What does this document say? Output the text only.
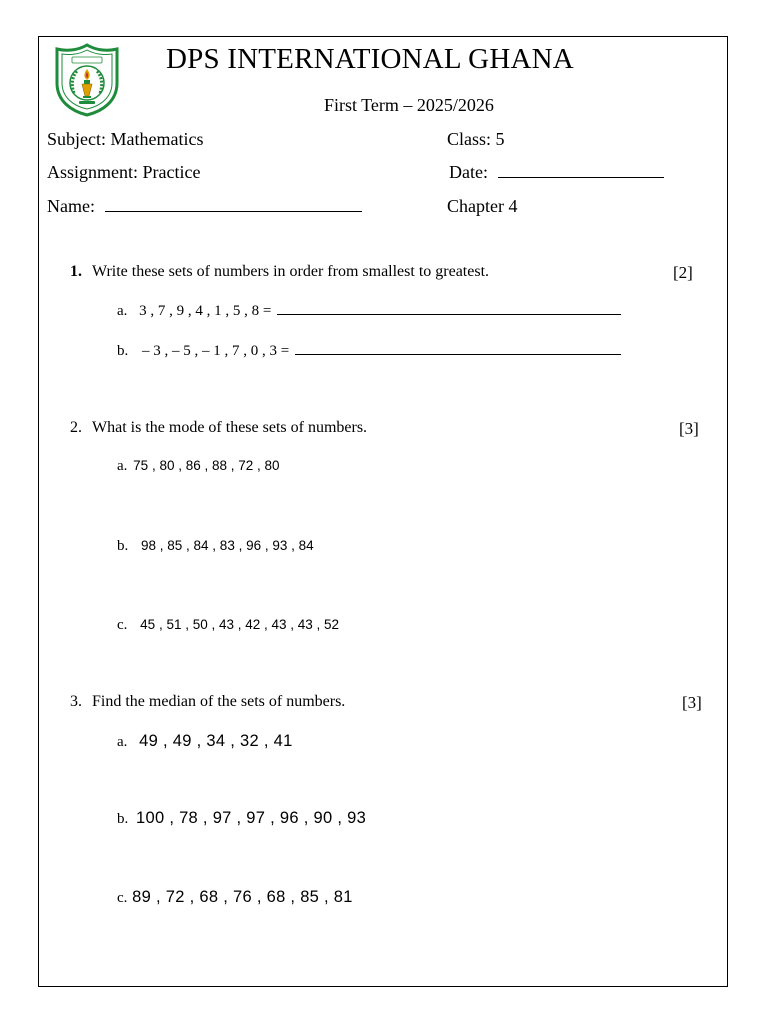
DPS INTERNATIONAL GHANA
First Term – 2025/2026
Subject: Mathematics	Class: 5
Assignment: Practice	Date:
Name:	Chapter 4
1. Write these sets of numbers in order from smallest to greatest.	[2]
a. 3 , 7 , 9 , 4 , 1 , 5 , 8 =
b. – 3 , – 5 , – 1 , 7 , 0 , 3 =
2. What is the mode of these sets of numbers.	[3]
a. 75 , 80 , 86 , 88 , 72 , 80
b. 98 , 85 , 84 , 83 , 96 , 93 , 84
c. 45 , 51 , 50 , 43 , 42 , 43 , 43 , 52
3. Find the median of the sets of numbers.	[3]
a. 49 , 49 , 34 , 32 , 41
b. 100 , 78 , 97 , 97 , 96 , 90 , 93
c. 89 , 72 , 68 , 76 , 68 , 85 , 81
